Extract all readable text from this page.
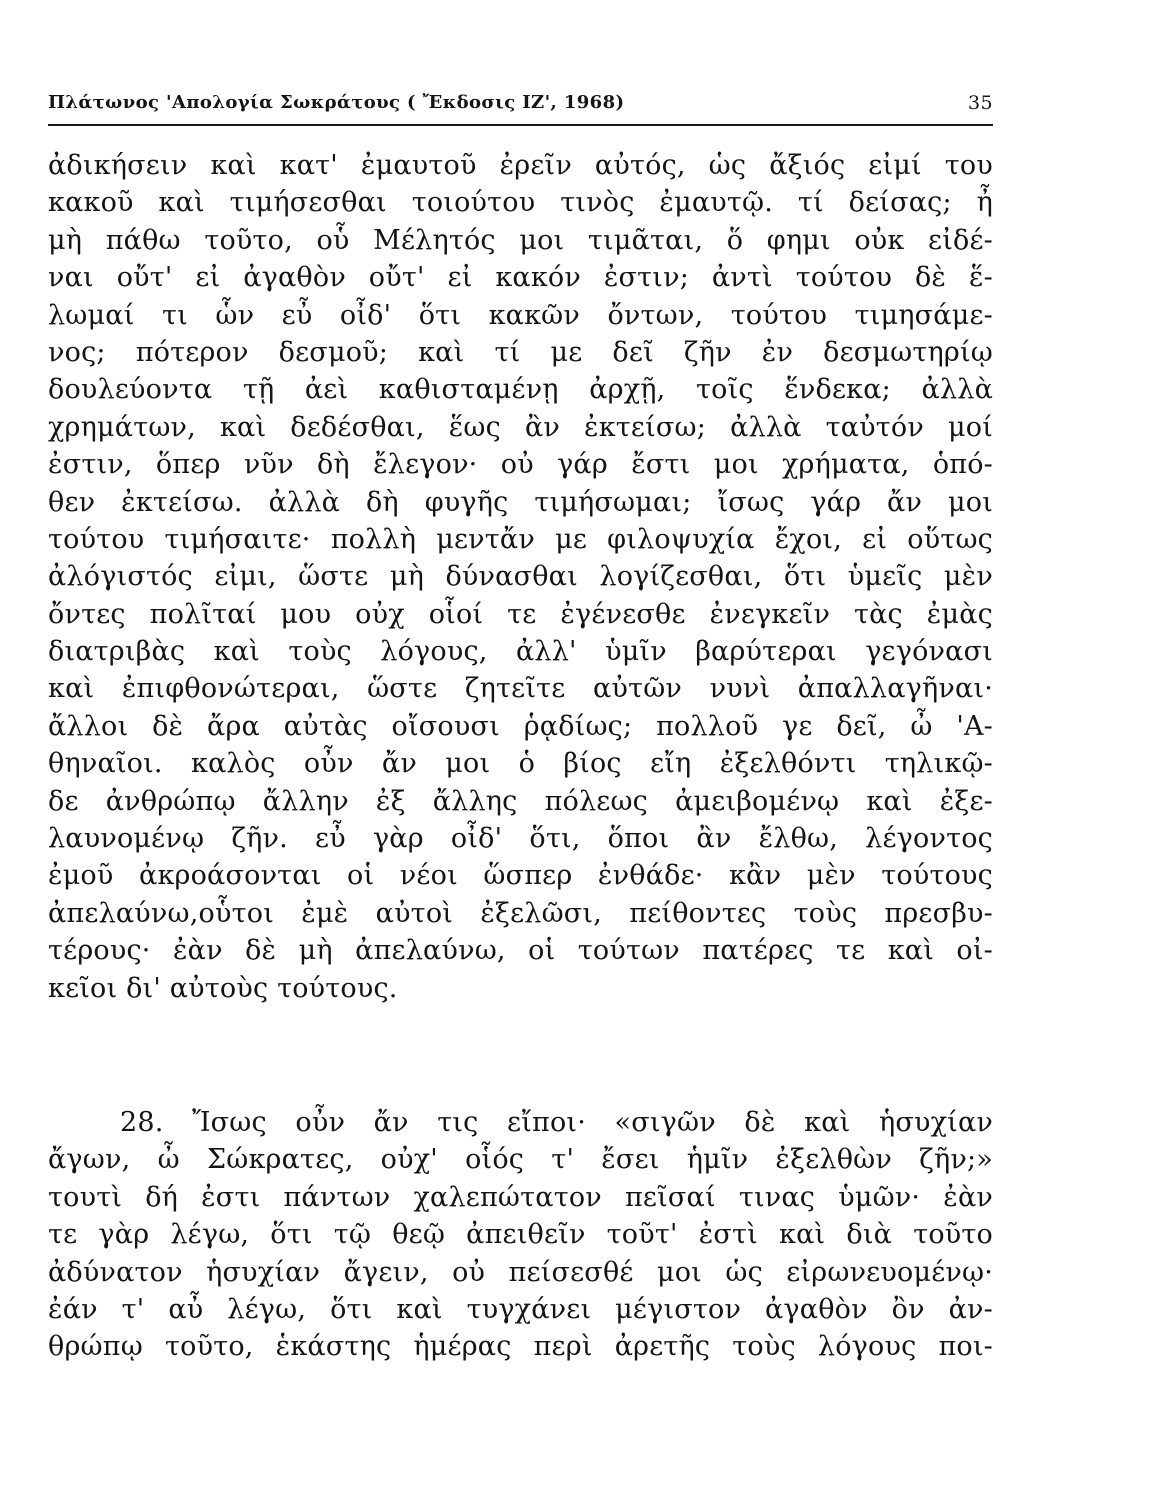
Πλάτωνος 'Απολογία Σωκράτους ( Ἔκδοσις ΙΖ', 1968)	35
ἀδικήσειν καὶ κατ' ἐμαυτοῦ ἐρεῖν αὐτός, ὡς ἄξιός εἰμί του
κακοῦ καὶ τιμήσεσθαι τοιούτου τινὸς ἐμαυτῷ. τί δείσας; ἦ
μὴ πάθω τοῦτο, οὗ Μέλητός μοι τιμᾶται, ὅ φημι οὐκ εἰδέ-
ναι οὔτ' εἰ ἀγαθὸν οὔτ' εἰ κακόν ἐστιν; ἀντὶ τούτου δὲ ἕ-
λωμαί τι ὧν εὖ οἶδ' ὅτι κακῶν ὄντων, τούτου τιμησάμε-
νος; πότερον δεσμοῦ; καὶ τί με δεῖ ζῆν ἐν δεσμωτηρίῳ
δουλεύοντα τῇ ἀεὶ καθισταμένῃ ἀρχῇ, τοῖς ἕνδεκα; ἀλλὰ
χρημάτων, καὶ δεδέσθαι, ἕως ἂν ἐκτείσω; ἀλλὰ ταὐτόν μοί
ἐστιν, ὅπερ νῦν δὴ ἔλεγον· οὐ γάρ ἔστι μοι χρήματα, ὁπό-
θεν ἐκτείσω. ἀλλὰ δὴ φυγῆς τιμήσωμαι; ἴσως γάρ ἄν μοι
τούτου τιμήσαιτε· πολλὴ μεντἄν με φιλοψυχία ἔχοι, εἰ οὕτως
ἀλόγιστός εἰμι, ὥστε μὴ δύνασθαι λογίζεσθαι, ὅτι ὑμεῖς μὲν
ὄντες πολῖταί μου οὐχ οἷοί τε ἐγένεσθε ἐνεγκεῖν τὰς ἐμὰς
διατριβὰς καὶ τοὺς λόγους, ἀλλ' ὑμῖν βαρύτεραι γεγόνασι
καὶ ἐπιφθονώτεραι, ὥστε ζητεῖτε αὐτῶν νυνὶ ἀπαλλαγῆναι·
ἄλλοι δὲ ἄρα αὐτὰς οἴσουσι ῥᾳδίως; πολλοῦ γε δεῖ, ὦ 'Α-
θηναῖοι. καλὸς οὖν ἄν μοι ὁ βίος εἴη ἐξελθόντι τηλικῷ-
δε ἀνθρώπῳ ἄλλην ἐξ ἄλλης πόλεως ἀμειβομένῳ καὶ ἐξε-
λαυνομένῳ ζῆν. εὖ γὰρ οἶδ' ὅτι, ὅποι ἂν ἔλθω, λέγοντος
ἐμοῦ ἀκροάσονται οἱ νέοι ὥσπερ ἐνθάδε· κἂν μὲν τούτους
ἀπελαύνω,οὗτοι ἐμὲ αὐτοὶ ἐξελῶσι, πείθοντες τοὺς πρεσβυ-
τέρους· ἐὰν δὲ μὴ ἀπελαύνω, οἱ τούτων πατέρες τε καὶ οἰ-
κεῖοι δι' αὐτοὺς τούτους.
28. Ἴσως οὖν ἄν τις εἴποι· «σιγῶν δὲ καὶ ἡσυχίαν
ἄγων, ὦ Σώκρατες, οὐχ' οἷός τ' ἔσει ἡμῖν ἐξελθὼν ζῆν;»
τουτὶ δή ἐστι πάντων χαλεπώτατον πεῖσαί τινας ὑμῶν· ἐὰν
τε γὰρ λέγω, ὅτι τῷ θεῷ ἀπειθεῖν τοῦτ' ἐστὶ καὶ διὰ τοῦτο
ἀδύνατον ἡσυχίαν ἄγειν, οὐ πείσεσθέ μοι ὡς εἰρωνευομένῳ·
ἐάν τ' αὖ λέγω, ὅτι καὶ τυγχάνει μέγιστον ἀγαθὸν ὂν ἀν-
θρώπῳ τοῦτο, ἑκάστης ἡμέρας περὶ ἀρετῆς τοὺς λόγους ποι-
